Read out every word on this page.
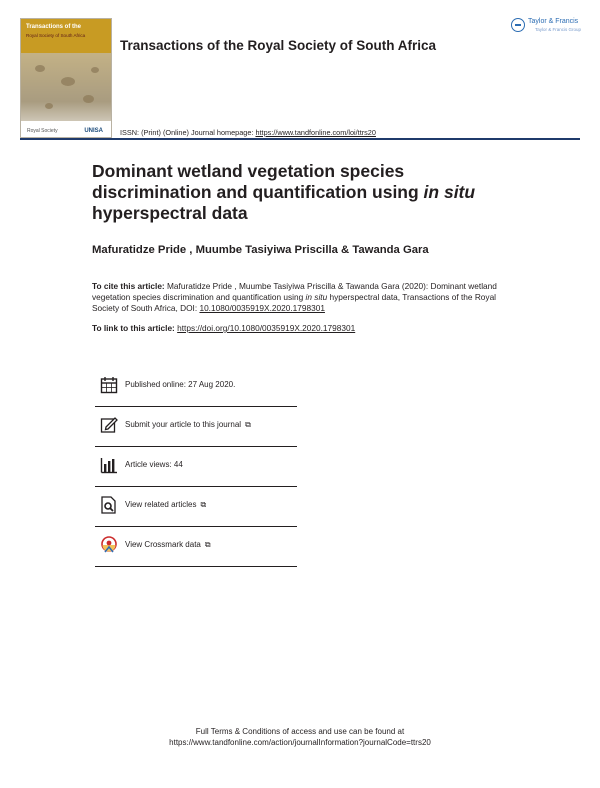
Transactions of the
Royal Society of South Africa
Royal Society	UNISA
Transactions of the Royal Society of South Africa
ISSN: (Print) (Online) Journal homepage: https://www.tandfonline.com/loi/ttrs20
Taylor & Francis
Taylor & Francis Group
Dominant wetland vegetation species discrimination and quantification using in situ hyperspectral data
Mafuratidze Pride , Muumbe Tasiyiwa Priscilla & Tawanda Gara
To cite this article: Mafuratidze Pride , Muumbe Tasiyiwa Priscilla & Tawanda Gara (2020): Dominant wetland vegetation species discrimination and quantification using in situ hyperspectral data, Transactions of the Royal Society of South Africa, DOI: 10.1080/0035919X.2020.1798301
To link to this article: https://doi.org/10.1080/0035919X.2020.1798301
Published online: 27 Aug 2020.
Submit your article to this journal ⧉
Article views: 44
View related articles ⧉
View Crossmark data ⧉
Full Terms & Conditions of access and use can be found at
https://www.tandfonline.com/action/journalInformation?journalCode=ttrs20
